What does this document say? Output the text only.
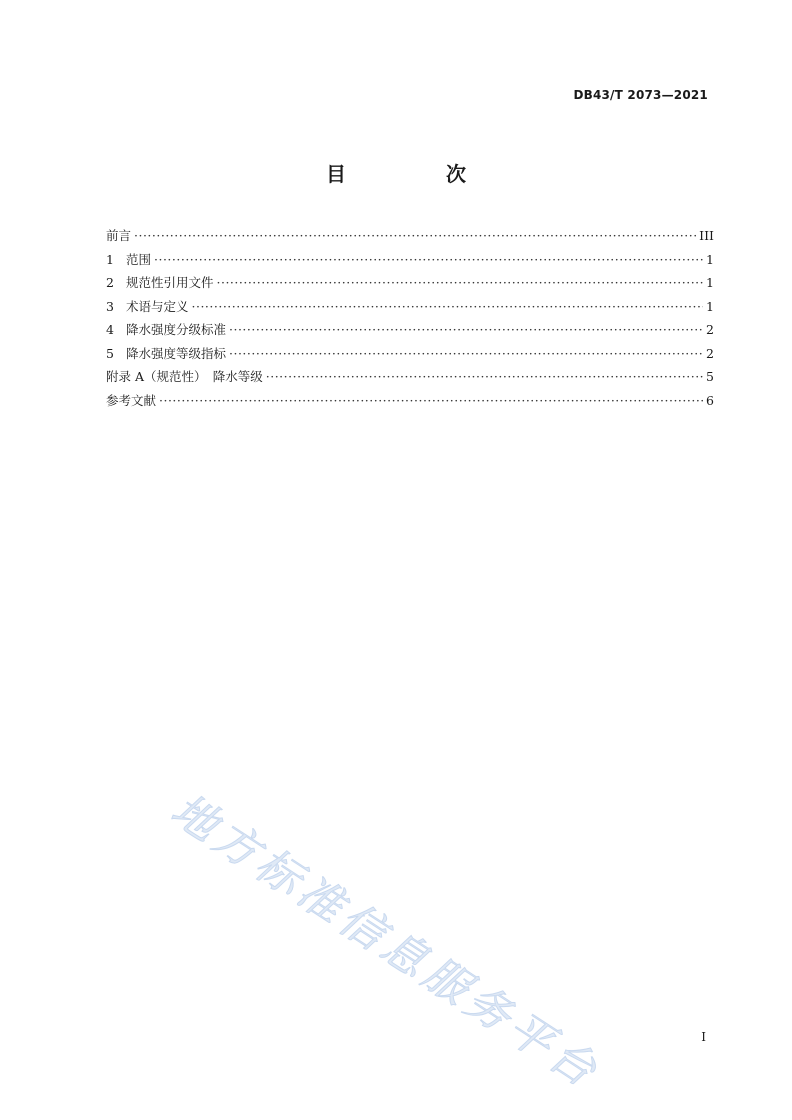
DB43/T 2073—2021
目　次
前言 ·····	III
1 范围 ·····	1
2 规范性引用文件 ·····	1
3 术语与定义 ·····	1
4 降水强度分级标准 ·····	2
5 降水强度等级指标 ·····	2
附录 A（规范性）　降水等级 ·····	5
参考文献 ·····	6
地方标准信息服务平台	I
